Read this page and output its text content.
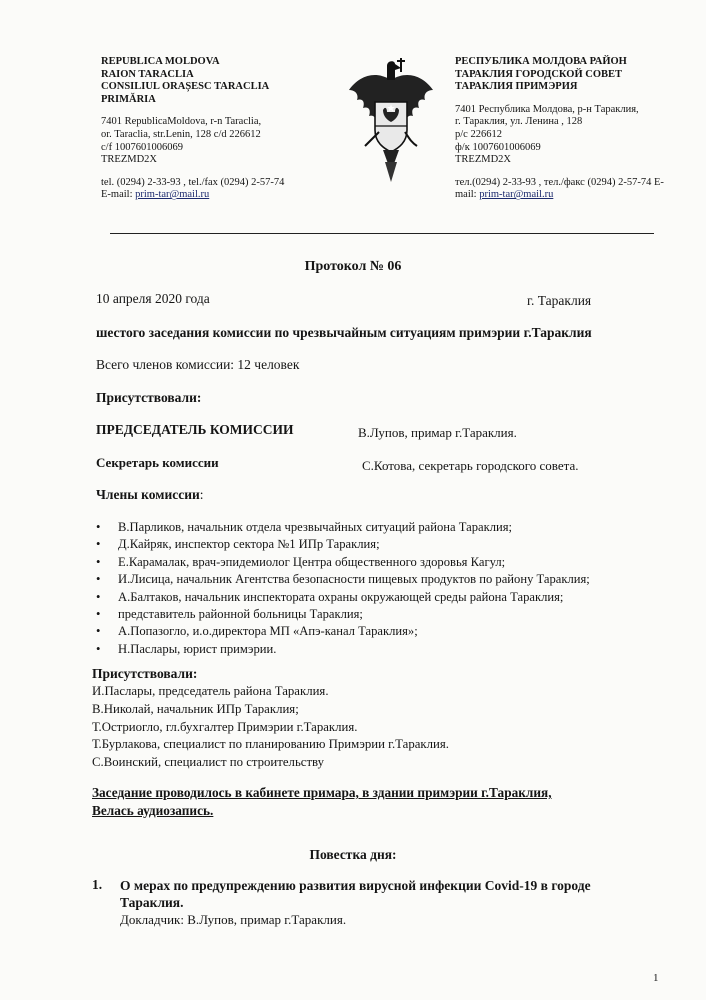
REPUBLICA MOLDOVA
RAION TARACLIA
CONSILIUL ORAȘESC TARACLIA
PRIMĂRIA
7401 RepublicaMoldova, r-n Taraclia,
or. Taraclia, str.Lenin, 128 c/d 226612
c/f 1007601006069
TREZMD2X
tel. (0294) 2-33-93 , tel./fax (0294) 2-57-74
E-mail: prim-tar@mail.ru
РЕСПУБЛИКА МОЛДОВА РАЙОН
ТАРАКЛИЯ ГОРОДСКОЙ СОВЕТ
ТАРАКЛИЯ ПРИМЭРИЯ
7401 Республика Молдова, р-н Тараклия,
г. Тараклия, ул. Ленина , 128
р/с 226612
ф/к 1007601006069
TREZMD2X
тел.(0294) 2-33-93 , тел./факс (0294) 2-57-74 E-
mail: prim-tar@mail.ru
Протокол № 06
10 апреля 2020 года	г. Тараклия
шестого заседания комиссии по чрезвычайным ситуациям примэрии г.Тараклия
Всего членов комиссии: 12 человек
Присутствовали:
ПРЕДСЕДАТЕЛЬ КОМИССИИ	В.Лупов, примар г.Тараклия.
Секретарь комиссии	С.Котова, секретарь городского совета.
Члены комиссии:
• В.Парликов, начальник отдела чрезвычайных ситуаций района Тараклия;
• Д.Кайряк, инспектор сектора №1 ИПр Тараклия;
• Е.Карамалак, врач-эпидемиолог Центра общественного здоровья Кагул;
• И.Лисица, начальник Агентства безопасности пищевых продуктов по району Тараклия;
• А.Балтаков, начальник инспектората охраны окружающей среды района Тараклия;
• представитель районной больницы Тараклия;
• А.Попазогло, и.о.директора МП «Апэ-канал Тараклия»;
• Н.Паслары, юрист примэрии.
Присутствовали:
И.Паслары, председатель района Тараклия.
В.Николай, начальник ИПр Тараклия;
Т.Остриогло, гл.бухгалтер Примэрии г.Тараклия.
Т.Бурлакова, специалист по планированию Примэрии г.Тараклия.
С.Воинский, специалист по строительству
Заседание проводилось в кабинете примара, в здании примэрии г.Тараклия,
Велась аудиозапись.
Повестка дня:
1. О мерах по предупреждению развития вирусной инфекции Covid-19 в городе
Тараклия.
Докладчик: В.Лупов, примар г.Тараклия.
1
